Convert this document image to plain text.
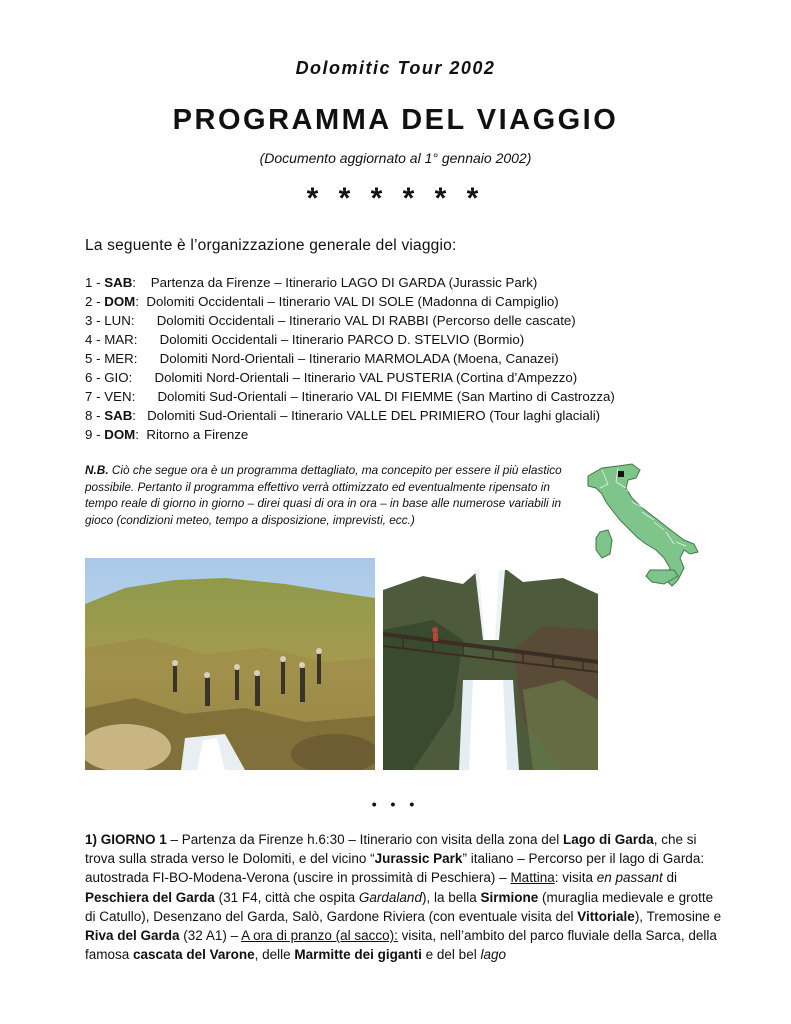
Dolomitic Tour 2002
PROGRAMMA DEL VIAGGIO
(Documento aggiornato al 1° gennaio 2002)
* * * * * *
La seguente è l’organizzazione generale del viaggio:
1 - SAB:    Partenza da Firenze – Itinerario LAGO DI GARDA (Jurassic Park)
2 - DOM:  Dolomiti Occidentali – Itinerario VAL DI SOLE (Madonna di Campiglio)
3 - LUN:      Dolomiti Occidentali – Itinerario VAL DI RABBI (Percorso delle cascate)
4 - MAR:      Dolomiti Occidentali – Itinerario PARCO D. STELVIO (Bormio)
5 - MER:      Dolomiti Nord-Orientali – Itinerario MARMOLADA (Moena, Canazei)
6 - GIO:      Dolomiti Nord-Orientali – Itinerario VAL PUSTERIA (Cortina d’Ampezzo)
7 - VEN:      Dolomiti Sud-Orientali – Itinerario VAL DI FIEMME (San Martino di Castrozza)
8 - SAB:   Dolomiti Sud-Orientali – Itinerario VALLE DEL PRIMIERO (Tour laghi glaciali)
9 - DOM:  Ritorno a Firenze
N.B. Ciò che segue ora è un programma dettagliato, ma concepito per essere il più elastico possibile. Pertanto il programma effettivo verrà ottimizzato ed eventualmente ripensato in tempo reale di giorno in giorno – direi quasi di ora in ora – in base alle numerose variabili in gioco (condizioni meteo, tempo a disposizione, imprevisti, ecc.)
• • •
1) GIORNO 1 – Partenza da Firenze h.6:30 – Itinerario con visita della zona del Lago di Garda, che si trova sulla strada verso le Dolomiti, e del vicino “Jurassic Park” italiano – Percorso per il lago di Garda: autostrada FI-BO-Modena-Verona (uscire in prossimità di Peschiera) – Mattina: visita en passant di Peschiera del Garda (31 F4, città che ospita Gardaland), la bella Sirmione (muraglia medievale e grotte di Catullo), Desenzano del Garda, Salò, Gardone Riviera (con eventuale visita del Vittoriale), Tremosine e Riva del Garda (32 A1) – A ora di pranzo (al sacco): visita, nell’ambito del parco fluviale della Sarca, della famosa cascata del Varone, delle Marmitte dei giganti e del bel lago
